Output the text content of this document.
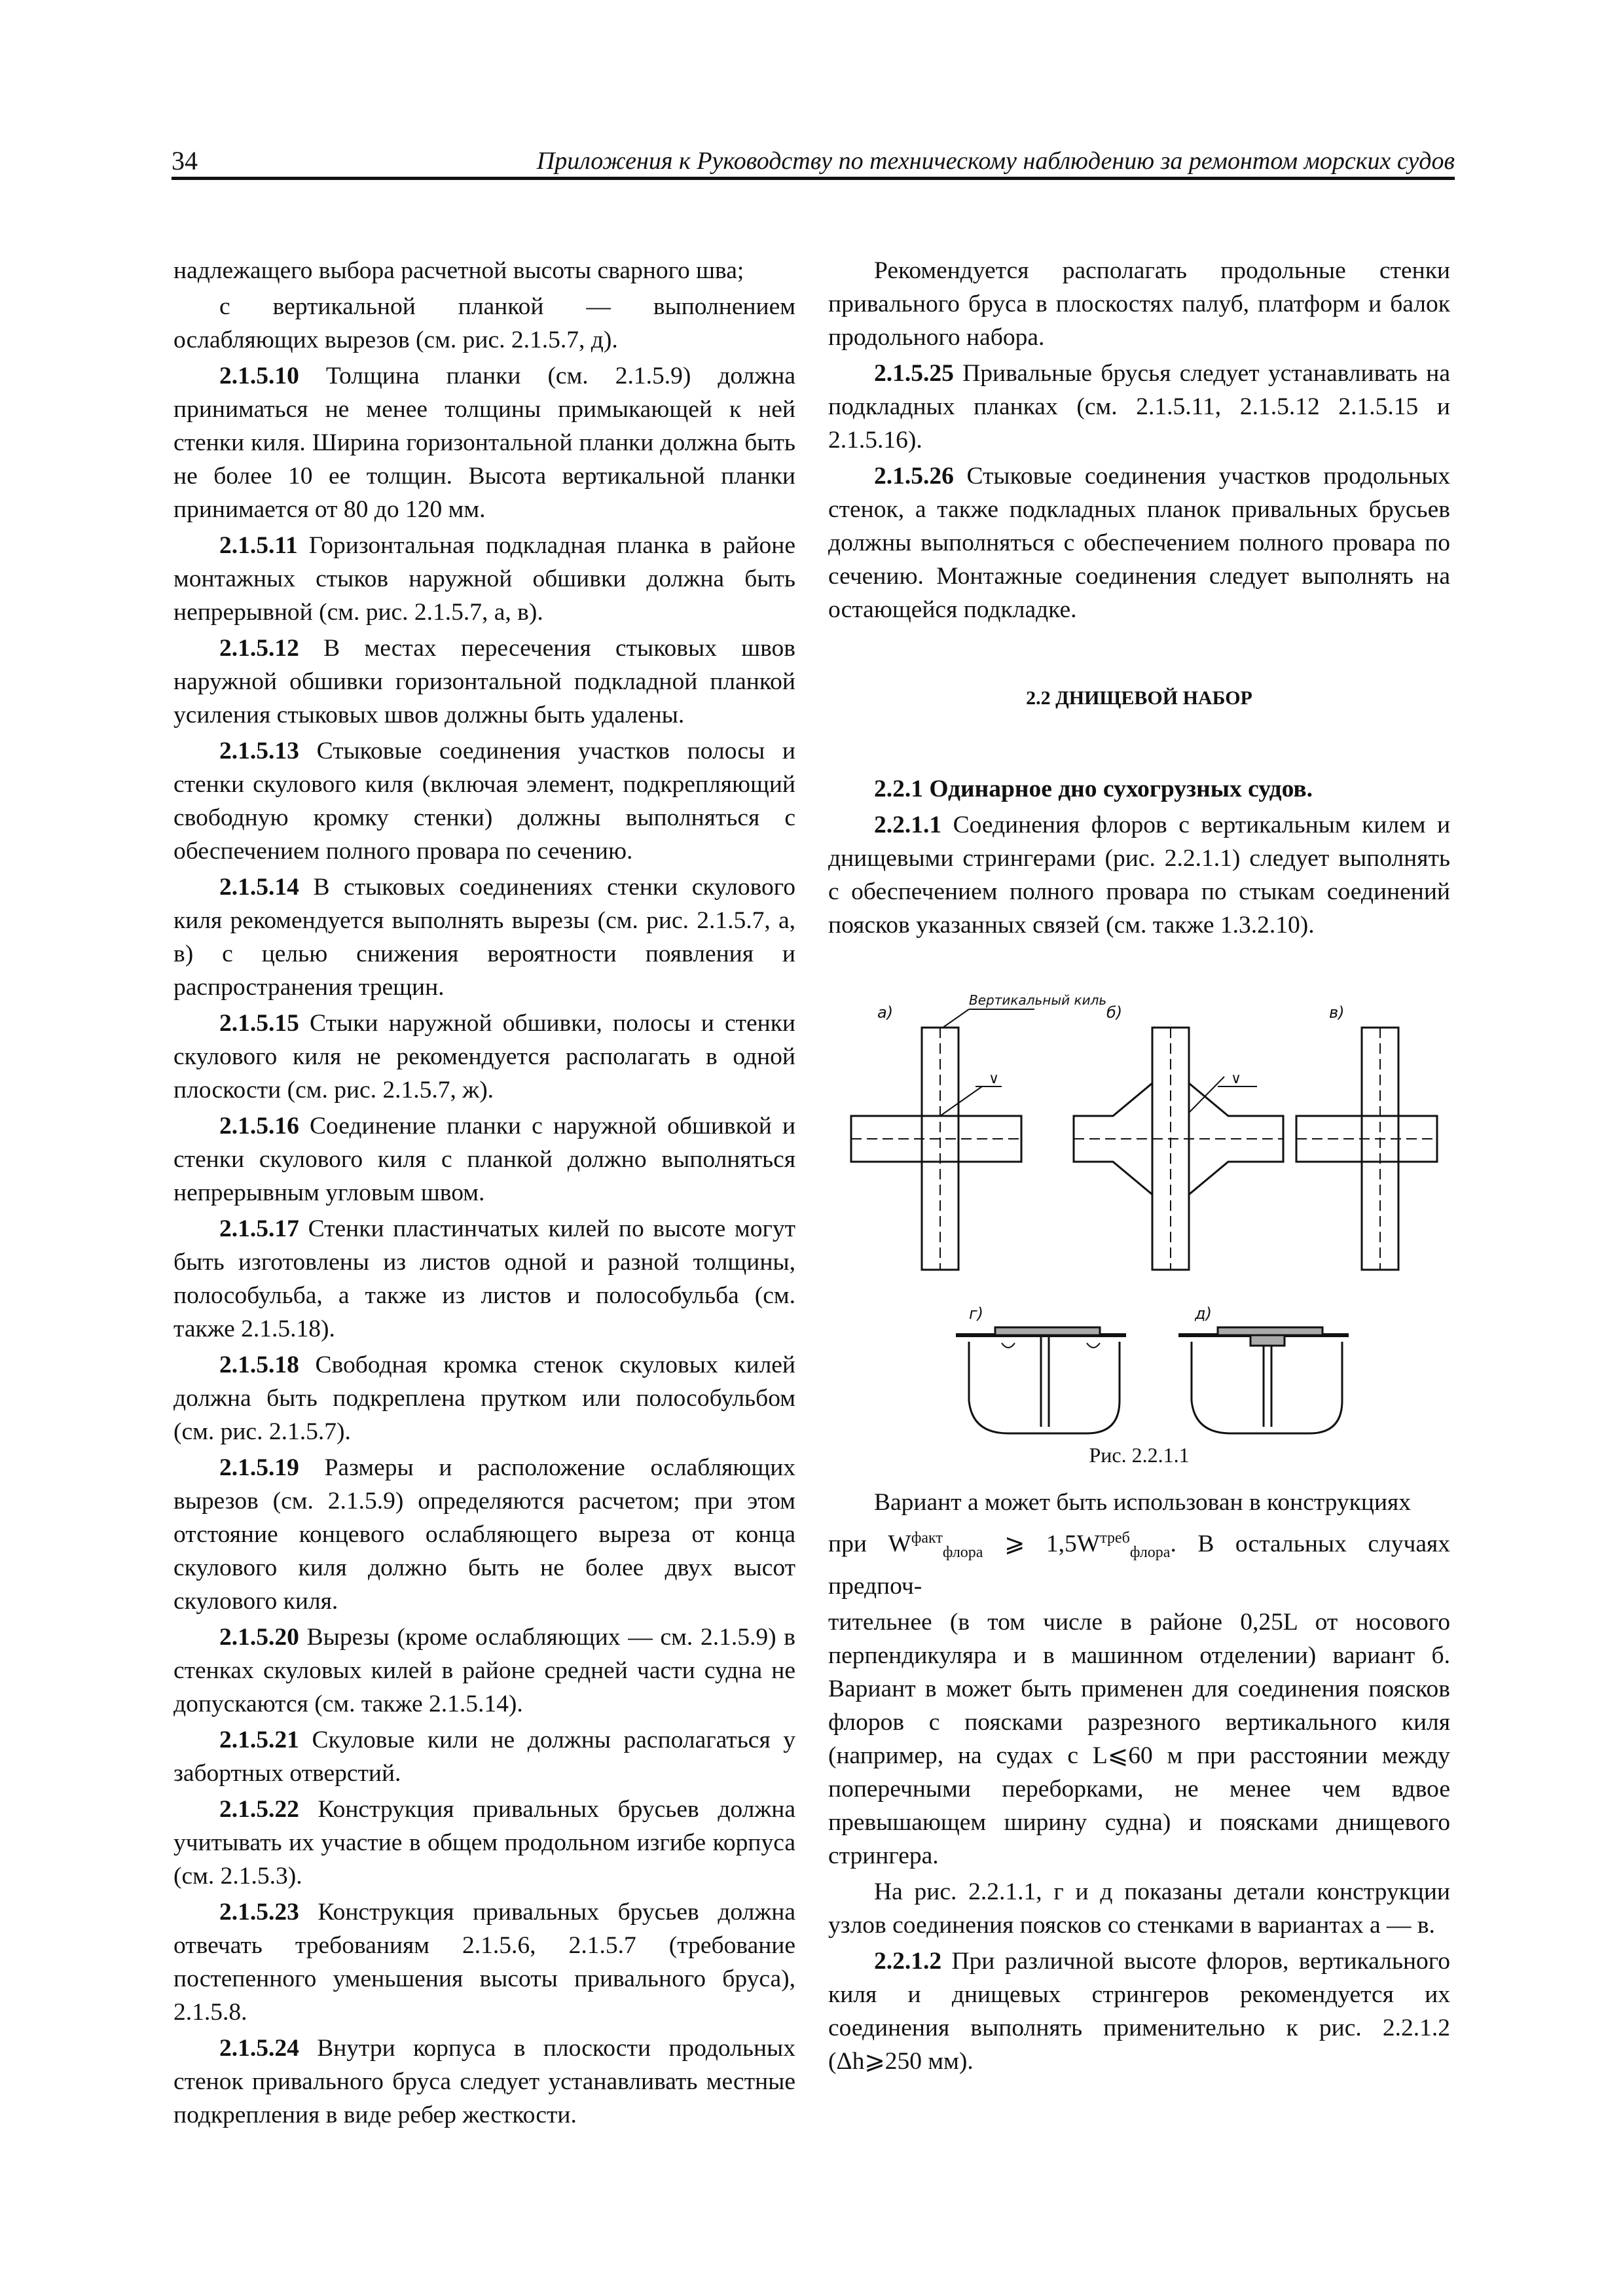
34	Приложения к Руководству по техническому наблюдению за ремонтом морских судов

надлежащего выбора расчетной высоты сварного шва;

с вертикальной планкой — выполнением ослабляющих вырезов (см. рис. 2.1.5.7, д).

2.1.5.10 Толщина планки (см. 2.1.5.9) должна приниматься не менее толщины примыкающей к ней стенки киля. Ширина горизонтальной планки должна быть не более 10 ее толщин. Высота вертикальной планки принимается от 80 до 120 мм.

2.1.5.11 Горизонтальная подкладная планка в районе монтажных стыков наружной обшивки должна быть непрерывной (см. рис. 2.1.5.7, а, в).

2.1.5.12 В местах пересечения стыковых швов наружной обшивки горизонтальной подкладной планкой усиления стыковых швов должны быть удалены.

2.1.5.13 Стыковые соединения участков полосы и стенки скулового киля (включая элемент, подкрепляющий свободную кромку стенки) должны выполняться с обеспечением полного провара по сечению.

2.1.5.14 В стыковых соединениях стенки скулового киля рекомендуется выполнять вырезы (см. рис. 2.1.5.7, а, в) с целью снижения вероятности появления и распространения трещин.

2.1.5.15 Стыки наружной обшивки, полосы и стенки скулового киля не рекомендуется располагать в одной плоскости (см. рис. 2.1.5.7, ж).

2.1.5.16 Соединение планки с наружной обшивкой и стенки скулового киля с планкой должно выполняться непрерывным угловым швом.

2.1.5.17 Стенки пластинчатых килей по высоте могут быть изготовлены из листов одной и разной толщины, полособульба, а также из листов и полособульба (см. также 2.1.5.18).

2.1.5.18 Свободная кромка стенок скуловых килей должна быть подкреплена прутком или полособульбом (см. рис. 2.1.5.7).

2.1.5.19 Размеры и расположение ослабляющих вырезов (см. 2.1.5.9) определяются расчетом; при этом отстояние концевого ослабляющего выреза от конца скулового киля должно быть не более двух высот скулового киля.

2.1.5.20 Вырезы (кроме ослабляющих — см. 2.1.5.9) в стенках скуловых килей в районе средней части судна не допускаются (см. также 2.1.5.14).

2.1.5.21 Скуловые кили не должны располагаться у забортных отверстий.

2.1.5.22 Конструкция привальных брусьев должна учитывать их участие в общем продольном изгибе корпуса (см. 2.1.5.3).

2.1.5.23 Конструкция привальных брусьев должна отвечать требованиям 2.1.5.6, 2.1.5.7 (требование постепенного уменьшения высоты привального бруса), 2.1.5.8.

2.1.5.24 Внутри корпуса в плоскости продольных стенок привального бруса следует устанавливать местные подкрепления в виде ребер жесткости.

Рекомендуется располагать продольные стенки привального бруса в плоскостях палуб, платформ и балок продольного набора.

2.1.5.25 Привальные брусья следует устанавливать на подкладных планках (см. 2.1.5.11, 2.1.5.12 2.1.5.15 и 2.1.5.16).

2.1.5.26 Стыковые соединения участков продольных стенок, а также подкладных планок привальных брусьев должны выполняться с обеспечением полного провара по сечению. Монтажные соединения следует выполнять на остающейся подкладке.

2.2 ДНИЩЕВОЙ НАБОР

2.2.1 Одинарное дно сухогрузных судов.

2.2.1.1 Соединения флоров с вертикальным килем и днищевыми стрингерами (рис. 2.2.1.1) следует выполнять с обеспечением полного провара по стыкам соединений поясков указанных связей (см. также 1.3.2.10).

а)	б)	в)
Вертикальный киль
∨	∨
г)	д)
Рис. 2.2.1.1

Вариант а может быть использован в конструкциях

при $W^{факт}_{флора}$ ⩾ $1,5W^{треб}_{флора}$. В остальных случаях предпоч-

тительнее (в том числе в районе 0,25L от носового перпендикуляра и в машинном отделении) вариант б. Вариант в может быть применен для соединения поясков флоров с поясками разрезного вертикального киля (например, на судах с L⩽60 м при расстоянии между поперечными переборками, не менее чем вдвое превышающем ширину судна) и поясками днищевого стрингера.

На рис. 2.2.1.1, г и д показаны детали конструкции узлов соединения поясков со стенками в вариантах а — в.

2.2.1.2 При различной высоте флоров, вертикального киля и днищевых стрингеров рекомендуется их соединения выполнять применительно к рис. 2.2.1.2 (Δh⩾250 мм).
